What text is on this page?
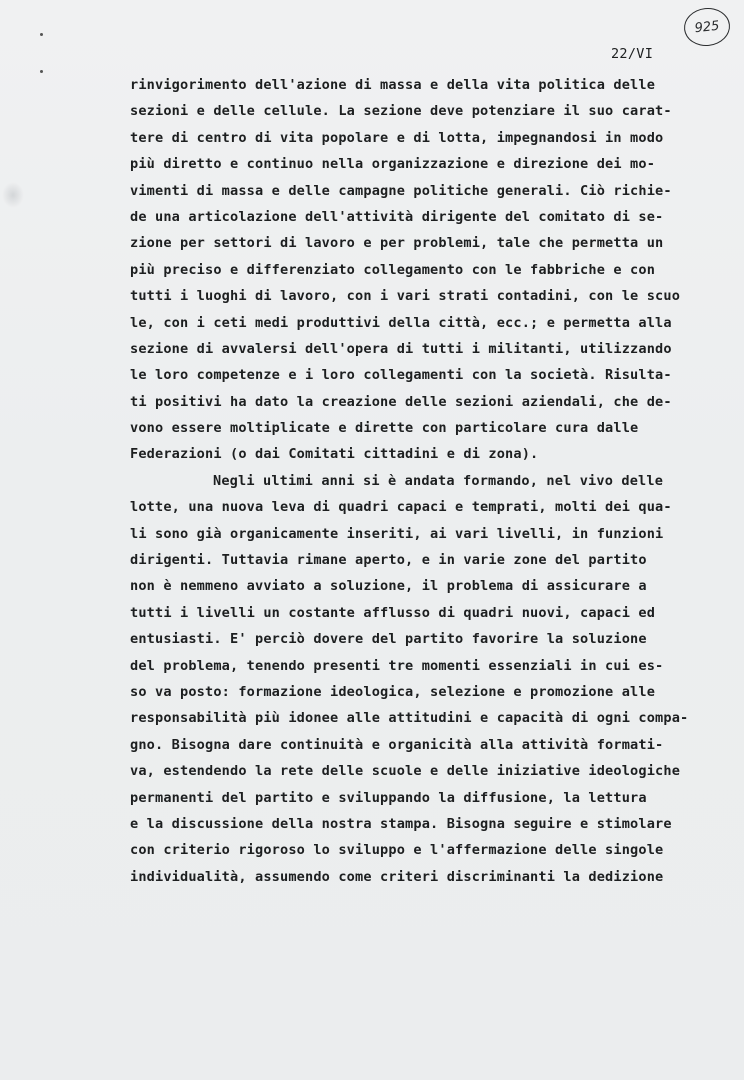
925
22/VI
rinvigorimento dell'azione di massa e della vita politica delle
sezioni e delle cellule. La sezione deve potenziare il suo carat-
tere di centro di vita popolare e di lotta, impegnandosi in modo
più diretto e continuo nella organizzazione e direzione dei mo-
vimenti di massa e delle campagne politiche generali. Ciò richie-
de una articolazione dell'attività dirigente del comitato di se-
zione per settori di lavoro e per problemi, tale che permetta un
più preciso e differenziato collegamento con le fabbriche e con
tutti i luoghi di lavoro, con i vari strati contadini, con le scuo
le, con i ceti medi produttivi della città, ecc.; e permetta alla
sezione di avvalersi dell'opera di tutti i militanti, utilizzando
le loro competenze e i loro collegamenti con la società. Risulta-
ti positivi ha dato la creazione delle sezioni aziendali, che de-
vono essere moltiplicate e dirette con particolare cura dalle
Federazioni (o dai Comitati cittadini e di zona).
Negli ultimi anni si è andata formando, nel vivo delle
lotte, una nuova leva di quadri capaci e temprati, molti dei qua-
li sono già organicamente inseriti, ai vari livelli, in funzioni
dirigenti. Tuttavia rimane aperto, e in varie zone del partito
non è nemmeno avviato a soluzione, il problema di assicurare a
tutti i livelli un costante afflusso di quadri nuovi, capaci ed
entusiasti. E' perciò dovere del partito favorire la soluzione
del problema, tenendo presenti tre momenti essenziali in cui es-
so va posto: formazione ideologica, selezione e promozione alle
responsabilità più idonee alle attitudini e capacità di ogni compa-
gno. Bisogna dare continuità e organicità alla attività formati-
va, estendendo la rete delle scuole e delle iniziative ideologiche
permanenti del partito e sviluppando la diffusione, la lettura
e la discussione della nostra stampa. Bisogna seguire e stimolare
con criterio rigoroso lo sviluppo e l'affermazione delle singole
individualità, assumendo come criteri discriminanti la dedizione
